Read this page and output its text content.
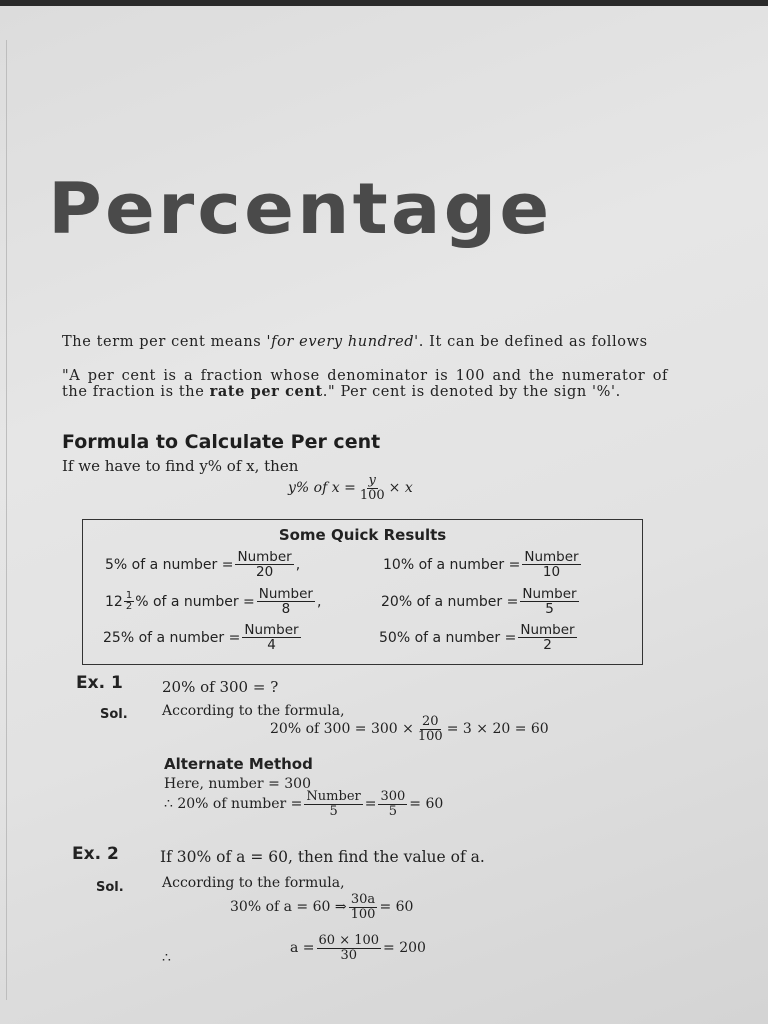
Percentage
The term per cent means 'for every hundred'. It can be defined as follows
"A per cent is a fraction whose denominator is 100 and the numerator of the fraction is the rate per cent." Per cent is denoted by the sign '%'.
Formula to Calculate Per cent
If we have to find y% of x, then
y% of $x = \frac{y}{100} \times x$
Some Quick Results
5% of a number = $\frac{\text{Number}}{20}$ ,	10% of a number = $\frac{\text{Number}}{10}$
$12 \frac{1}{2}$ % of a number = $\frac{\text{Number}}{8}$ ,	20% of a number = $\frac{\text{Number}}{5}$
25% of a number = $\frac{\text{Number}}{4}$	50% of a number = $\frac{\text{Number}}{2}$
Ex. 1	20% of 300 = ?
Sol. According to the formula,
20% of $300 = 300 \times \frac{20}{100} = 3 \times 20 = 60$
Alternate Method
Here, number = 300
∴ 20% of number = $\frac{\text{Number}}{5} = \frac{300}{5} = 60$
Ex. 2	If 30% of a = 60, then find the value of a.
Sol.	According to the formula,
30% of a = 60 ⇒ $\frac{30a}{100} = 60$
∴
$a = \frac{60 \times 100}{30} = 200$
